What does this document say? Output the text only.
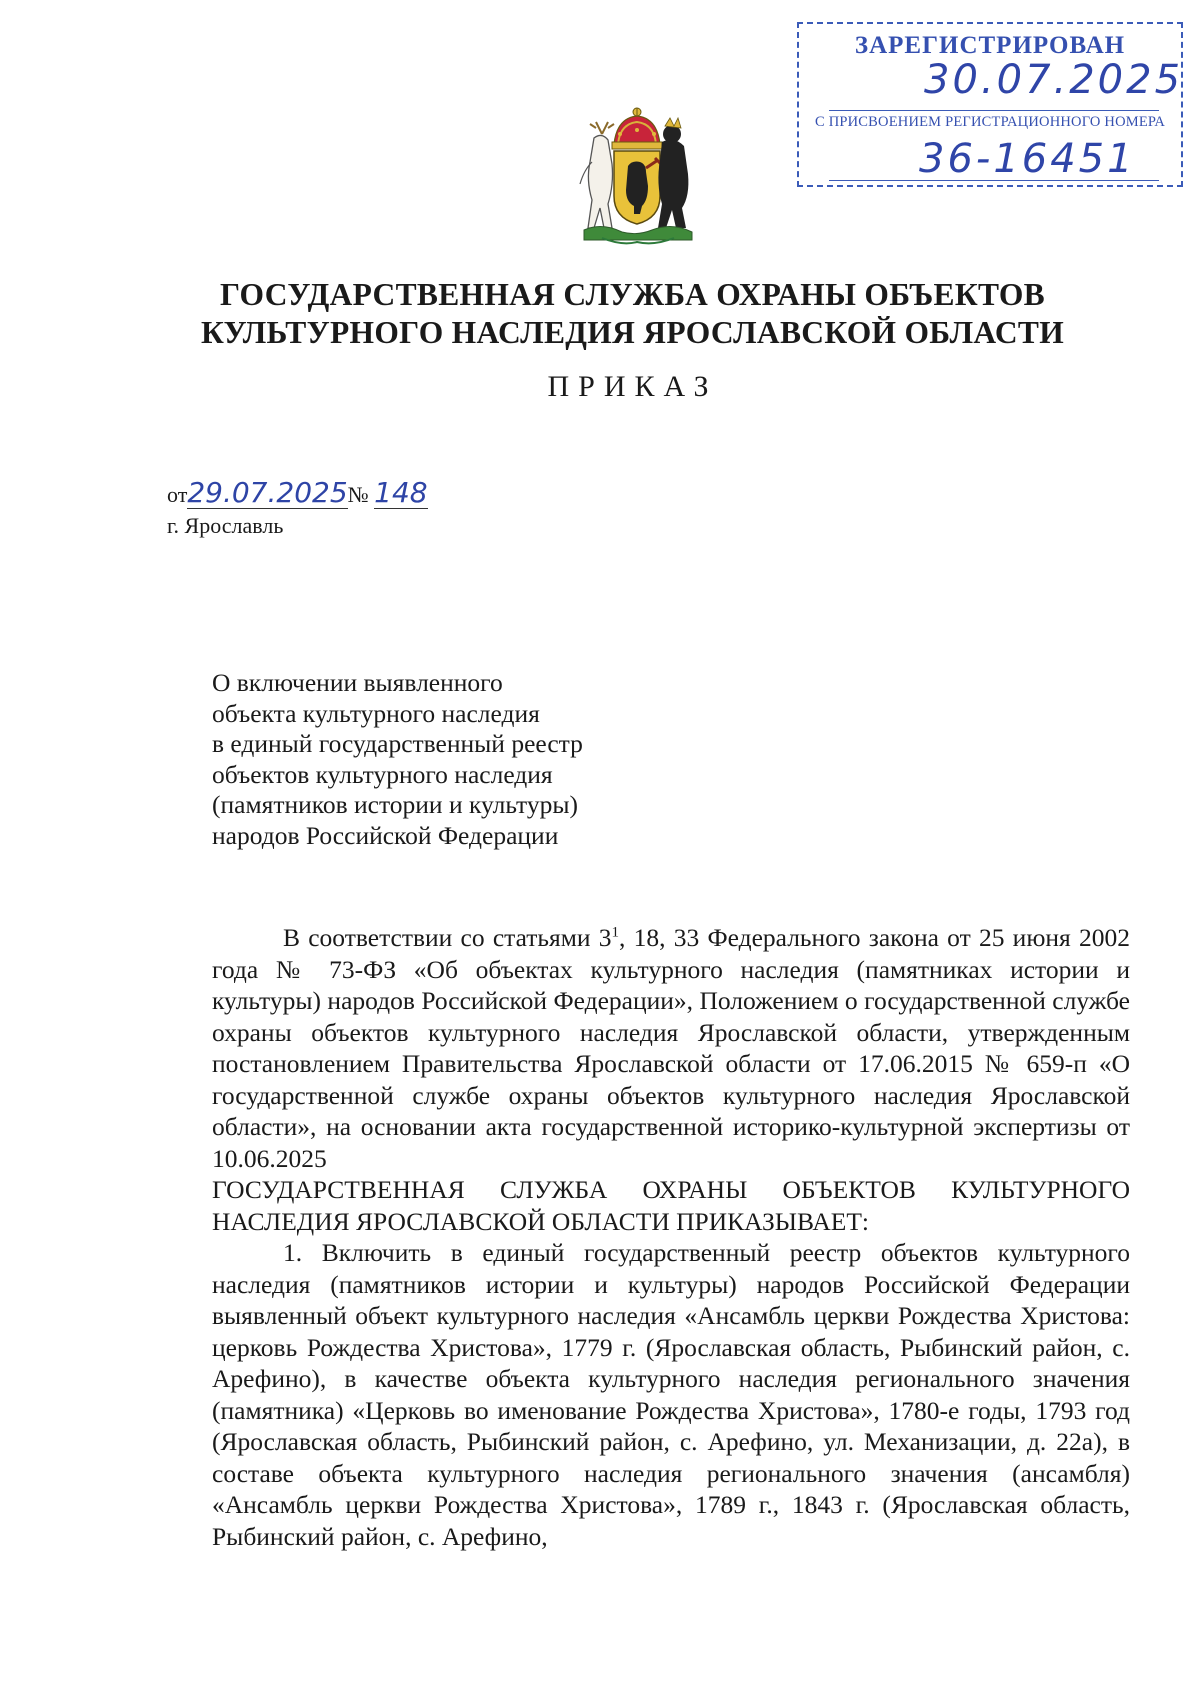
ЗАРЕГИСТРИРОВАН
30.07.2025
С ПРИСВОЕНИЕМ РЕГИСТРАЦИОННОГО НОМЕРА
36-16451
ГОСУДАРСТВЕННАЯ СЛУЖБА ОХРАНЫ ОБЪЕКТОВ
КУЛЬТУРНОГО НАСЛЕДИЯ ЯРОСЛАВСКОЙ ОБЛАСТИ
ПРИКАЗ
от29.07.2025№ 148
г. Ярославль
О включении выявленного
объекта культурного наследия
в единый государственный реестр
объектов культурного наследия
(памятников истории и культуры)
народов Российской Федерации

В соответствии со статьями $3^1$, 18, 33 Федерального закона от 25 июня 2002 года № 73-ФЗ «Об объектах культурного наследия (памятниках истории и культуры) народов Российской Федерации», Положением о государственной службе охраны объектов культурного наследия Ярославской области, утвержденным постановлением Правительства Ярославской области от 17.06.2015 № 659-п «О государственной службе охраны объектов культурного наследия Ярославской области», на основании акта государственной историко-культурной экспертизы от 10.06.2025

ГОСУДАРСТВЕННАЯ СЛУЖБА ОХРАНЫ ОБЪЕКТОВ КУЛЬТУРНОГО НАСЛЕДИЯ ЯРОСЛАВСКОЙ ОБЛАСТИ ПРИКАЗЫВАЕТ:

1. Включить в единый государственный реестр объектов культурного наследия (памятников истории и культуры) народов Российской Федерации выявленный объект культурного наследия «Ансамбль церкви Рождества Христова: церковь Рождества Христова», 1779 г. (Ярославская область, Рыбинский район, с. Арефино), в качестве объекта культурного наследия регионального значения (памятника) «Церковь во именование Рождества Христова», 1780-е годы, 1793 год (Ярославская область, Рыбинский район, с. Арефино, ул. Механизации, д. 22а), в составе объекта культурного наследия регионального значения (ансамбля) «Ансамбль церкви Рождества Христова», 1789 г., 1843 г. (Ярославская область, Рыбинский район, с. Арефино,
